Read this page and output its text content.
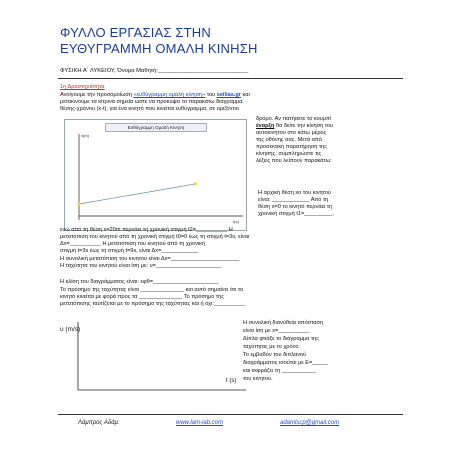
ΦΥΛΛΟ ΕΡΓΑΣΙΑΣ ΣΤΗΝ
ΕΥΘΥΓΡΑΜΜΗ ΟΜΑΛΗ ΚΙΝΗΣΗ
ΦΥΣΙΚΗ Α΄ ΛΥΚΕΙΟΥ, Όνομα Μαθητή:____________________________
1η Δραστηριότητα
Ανοίγουμε την προσομοίωση «ευθύγραμμη ομαλή κίνηση» του seilias.gr και
μετακινούμε τα κίτρινα σημεία ώστε να προκύψει το παρακάτω διάγραμμα
θέσης-χρόνου (x-t), για ένα κινητό που κινείται ευθύγραμμα, σε οριζόντιο
Ευθύγραμμη Ομαλή Κίνηση
x(m)
t(s)
δρόμο. Αν πατήσετε το κουμπί
έναρξη θα δείτε την κίνηση του
αυτοκινήτου στο κάτω μέρος
της οθόνης σας. Μετά από
προσεκτική παρατήρηση της
κίνησης, συμπληρώστε τις
λέξεις που λείπουν παρακάτω:
Η αρχική θέση xο του κινητού
είναι: ____________ Από τη
θέση x=0 το κινητό περνάει τη
χρονική στιγμή t1=_________,
ενώ από τη θέση x=20m περνάει τη χρονική στιγμή t2=__________ Η
μετατόπιση του κινητού από τη χρονική στιγμή t0=0 έως τη στιγμή t=3s, είναι
Δx=__________ Η μετατόπιση του κινητού από τη χρονική
στιγμή t=3s έως τη στιγμή t=9s, είναι Δx=____________
Η συνολική μετατόπιση του κινητού είναι Δx=______________________
Η ταχύτητα του κινητού είναι ίση με: υ=_____________________
Η κλίση του διαγράμματος είναι: εφθ=_____________________
Το πρόσημο της ταχύτητας είναι ______________ και αυτό σημαίνει ότι το
κινητό κινείται με φορά προς τα ______________ Το πρόσημο της
μετατόπισης ταυτίζεται με το πρόσημο της ταχύτητας και ή όχι:__________
υ (m/s)
t (s)
Η συνολική διανύθεία απόσταση
είναι ίση με s=__________
Δίπλα φτιάξε το διάγραμμα της
ταχύτητας με το χρόνο.
Το εμβαδόν του διπλανού
διαγράμματος ισούται με Ε=_____
και εκφράζει τη ___________
του κινητού.
Λάμπρος Αδάμ:	www.lam-lab.com	adamlscp@gmail.com
